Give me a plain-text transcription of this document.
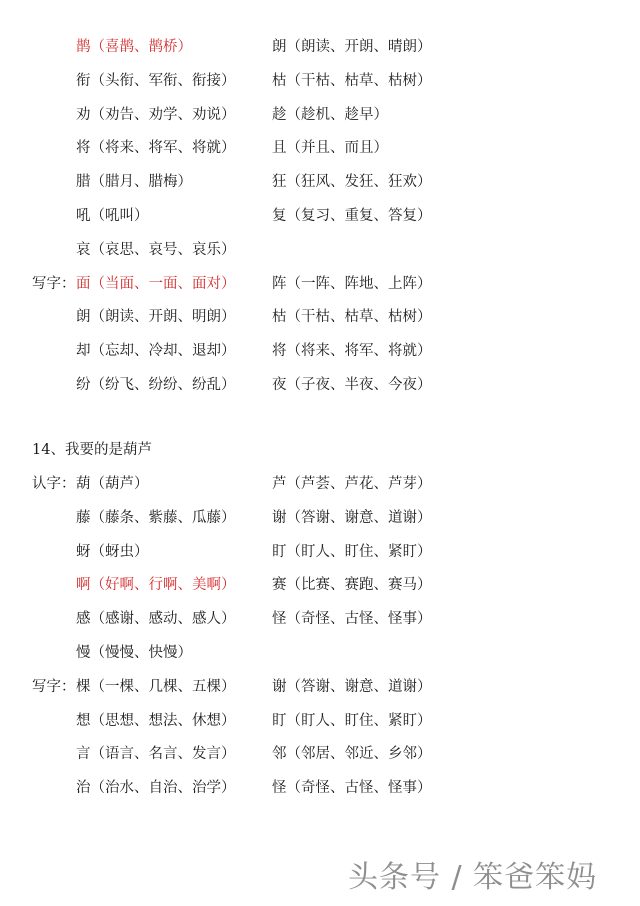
鹊（喜鹊、鹊桥）	朗（朗读、开朗、晴朗）
衔（头衔、军衔、衔接）	枯（干枯、枯草、枯树）
劝（劝告、劝学、劝说）	趁（趁机、趁早）
将（将来、将军、将就）	且（并且、而且）
腊（腊月、腊梅）	狂（狂风、发狂、狂欢）
吼（吼叫）	复（复习、重复、答复）
哀（哀思、哀号、哀乐）
写字： 面（当面、一面、面对）	阵（一阵、阵地、上阵）
朗（朗读、开朗、明朗）	枯（干枯、枯草、枯树）
却（忘却、冷却、退却）	将（将来、将军、将就）
纷（纷飞、纷纷、纷乱）	夜（子夜、半夜、今夜）
14、我要的是葫芦
认字： 葫（葫芦）	芦（芦荟、芦花、芦芽）
藤（藤条、紫藤、瓜藤）	谢（答谢、谢意、道谢）
蚜（蚜虫）	盯（盯人、盯住、紧盯）
啊（好啊、行啊、美啊）	赛（比赛、赛跑、赛马）
感（感谢、感动、感人）	怪（奇怪、古怪、怪事）
慢（慢慢、快慢）
写字： 棵（一棵、几棵、五棵）	谢（答谢、谢意、道谢）
想（思想、想法、休想）	盯（盯人、盯住、紧盯）
言（语言、名言、发言）	邻（邻居、邻近、乡邻）
治（治水、自治、治学）	怪（奇怪、古怪、怪事）
头条号 / 笨爸笨妈
